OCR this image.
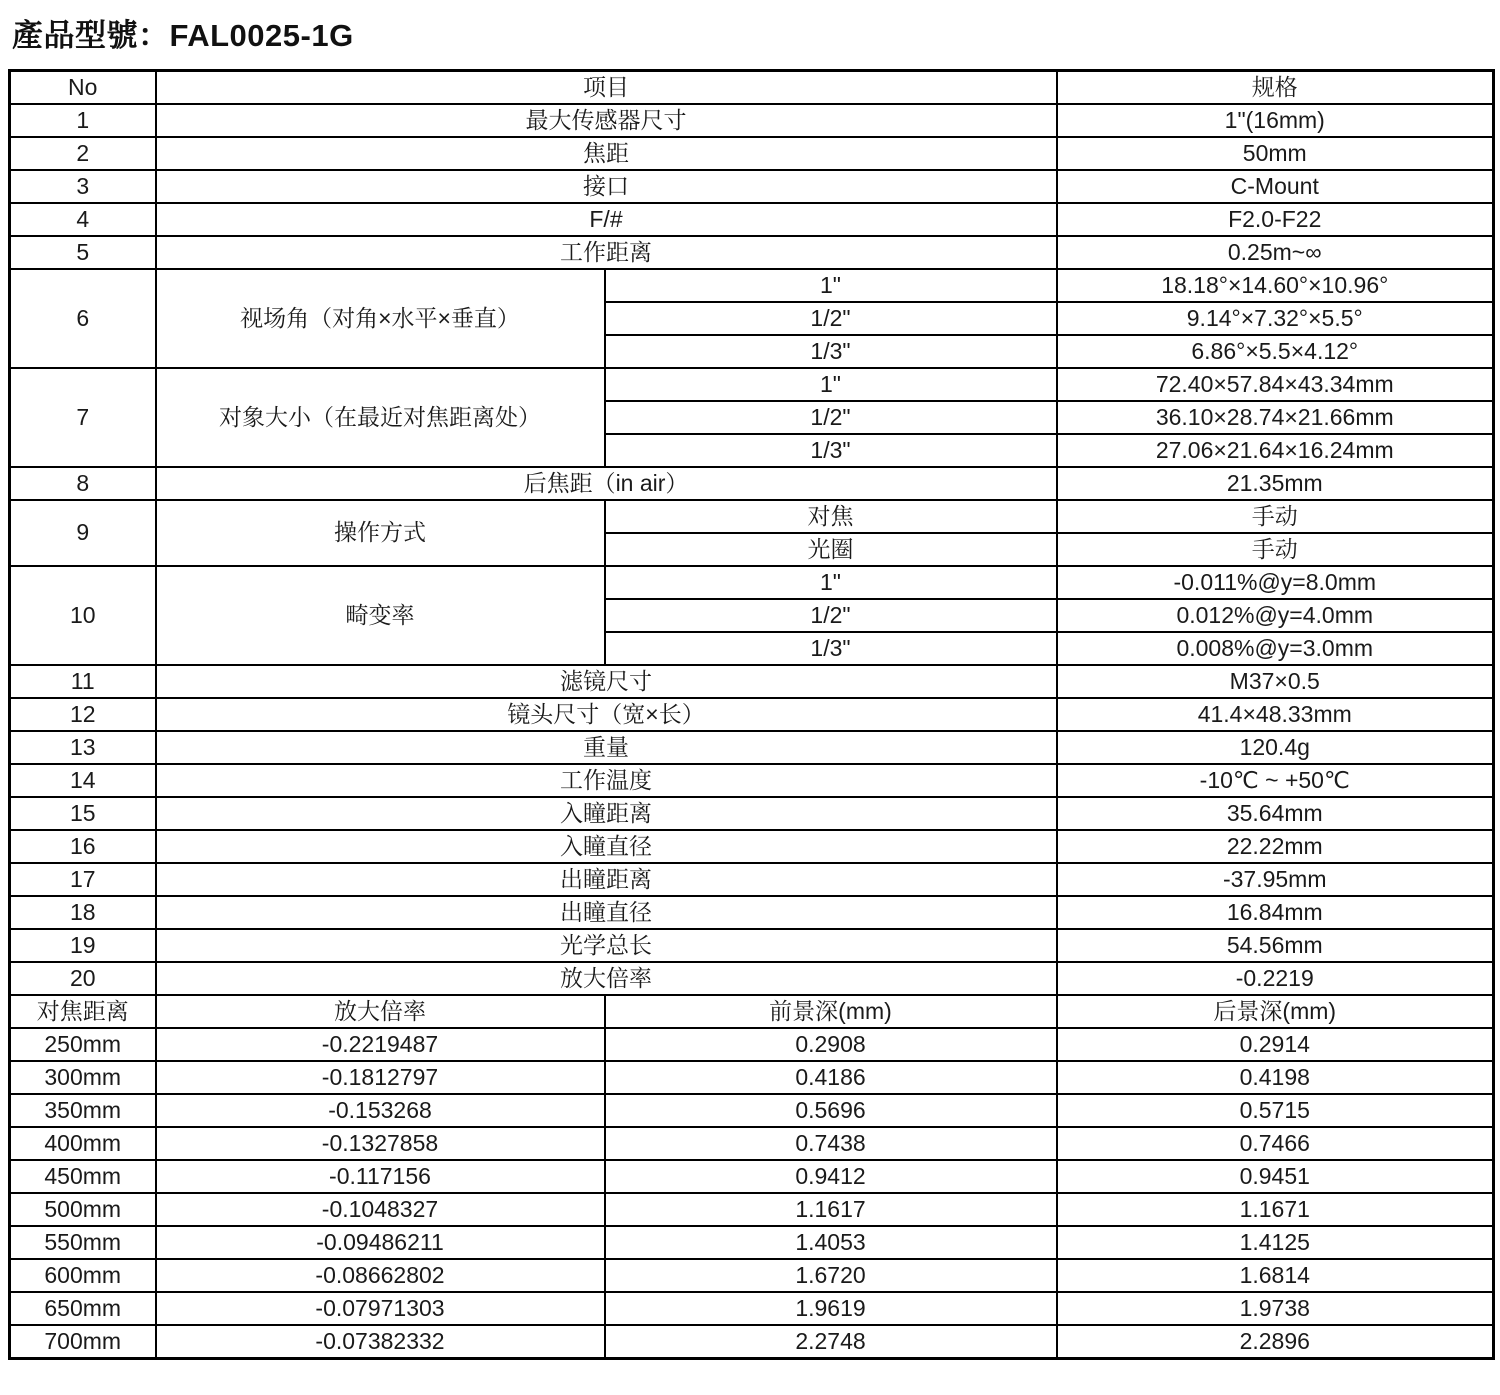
產品型號：FAL0025-1G
No	项目		规格
1	最大传感器尺寸		1"(16mm)
2	焦距		50mm
3	接口		C-Mount
4	F/#		F2.0-F22
5	工作距离		0.25m~∞
6	视场角（对角×水平×垂直）	1"	18.18°×14.60°×10.96°
		1/2"	9.14°×7.32°×5.5°
		1/3"	6.86°×5.5×4.12°
7	对象大小（在最近对焦距离处）	1"	72.40×57.84×43.34mm
		1/2"	36.10×28.74×21.66mm
		1/3"	27.06×21.64×16.24mm
8	后焦距（in air）		21.35mm
9	操作方式	对焦	手动
		光圈	手动
10	畸变率	1"	-0.011%@y=8.0mm
		1/2"	0.012%@y=4.0mm
		1/3"	0.008%@y=3.0mm
11	滤镜尺寸		M37×0.5
12	镜头尺寸（宽×长）		41.4×48.33mm
13	重量		120.4g
14	工作温度		-10℃ ~ +50℃
15	入瞳距离		35.64mm
16	入瞳直径		22.22mm
17	出瞳距离		-37.95mm
18	出瞳直径		16.84mm
19	光学总长		54.56mm
20	放大倍率		-0.2219
对焦距离	放大倍率	前景深(mm)	后景深(mm)
250mm	-0.2219487	0.2908	0.2914
300mm	-0.1812797	0.4186	0.4198
350mm	-0.153268	0.5696	0.5715
400mm	-0.1327858	0.7438	0.7466
450mm	-0.117156	0.9412	0.9451
500mm	-0.1048327	1.1617	1.1671
550mm	-0.09486211	1.4053	1.4125
600mm	-0.08662802	1.6720	1.6814
650mm	-0.07971303	1.9619	1.9738
700mm	-0.07382332	2.2748	2.2896
